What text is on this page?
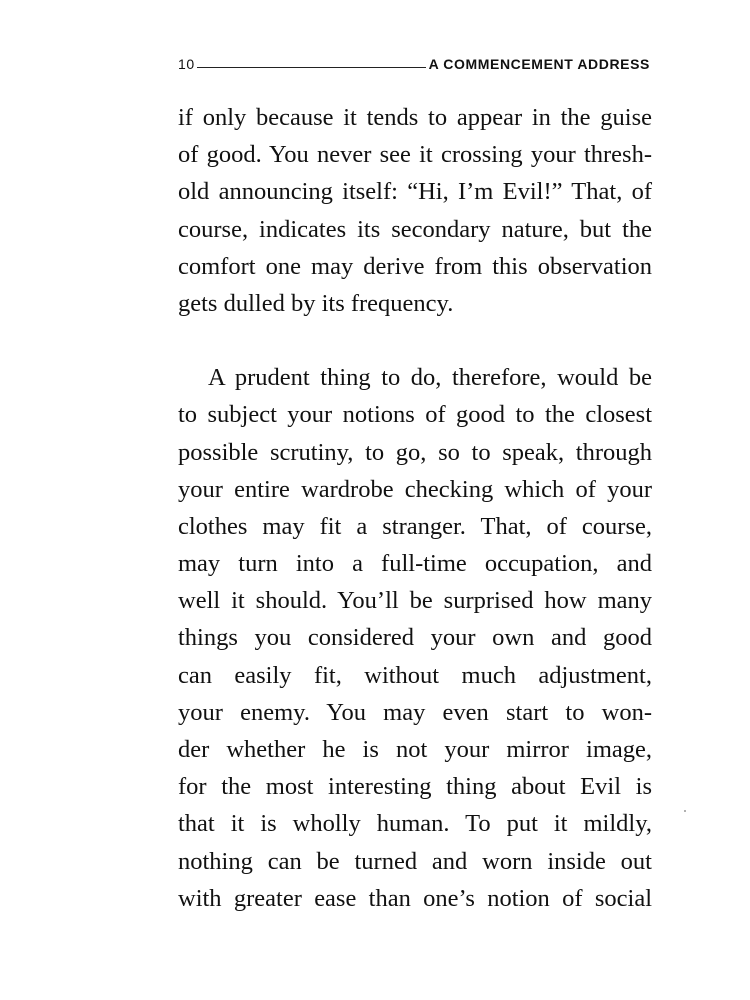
10	A COMMENCEMENT ADDRESS
if only because it tends to appear in the guise
of good. You never see it crossing your thresh-
old announcing itself: “Hi, I’m Evil!” That, of
course, indicates its secondary nature, but the
comfort one may derive from this observation
gets dulled by its frequency.
A prudent thing to do, therefore, would be
to subject your notions of good to the closest
possible scrutiny, to go, so to speak, through
your entire wardrobe checking which of your
clothes may fit a stranger. That, of course,
may turn into a full-time occupation, and
well it should. You’ll be surprised how many
things you considered your own and good
can easily fit, without much adjustment,
your enemy. You may even start to won-
der whether he is not your mirror image,
for the most interesting thing about Evil is
that it is wholly human. To put it mildly,
nothing can be turned and worn inside out
with greater ease than one’s notion of social
